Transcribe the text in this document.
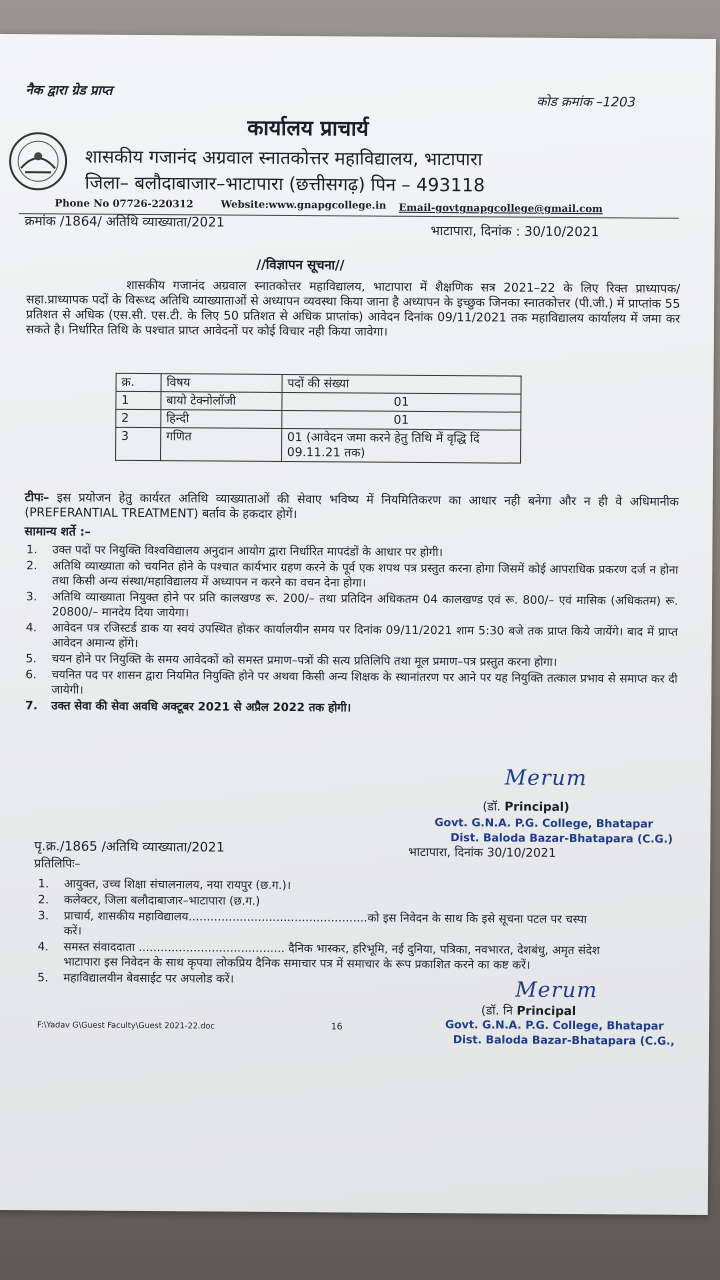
नैक द्वारा ग्रेड प्राप्त
कोड क्रमांक –1203
कार्यालय प्राचार्य
शासकीय गजानंद अग्रवाल स्नातकोत्तर महाविद्यालय, भाटापारा
जिला– बलौदाबाजार–भाटापारा (छत्तीसगढ़) पिन – 493118
Phone No 07726-220312	Website:www.gnapgcollege.in Email-govtgnapgcollege@gmail.com
क्रमांक /1864/ अतिथि व्याख्याता/2021
भाटापारा, दिनांक : 30/10/2021
//विज्ञापन सूचना//
शासकीय गजानंद अग्रवाल स्नातकोत्तर महाविद्यालय, भाटापारा में शैक्षणिक सत्र 2021–22 के लिए रिक्त प्राध्यापक/सहा.प्राध्यापक पदों के विरूध्द अतिथि व्याख्याताओं से अध्यापन व्यवस्था किया जाना है अध्यापन के इच्छुक जिनका स्नातकोत्तर (पी.जी.) में प्राप्तांक 55 प्रतिशत से अधिक (एस.सी. एस.टी. के लिए 50 प्रतिशत से अधिक प्राप्तांक) आवेदन दिनांक 09/11/2021 तक महाविद्यालय कार्यालय में जमा कर सकते है। निर्धारित तिथि के पश्चात प्राप्त आवेदनों पर कोई विचार नही किया जावेगा।
क्र.	विषय	पदों की संख्या
1	बायो टेक्नोलॉजी	01
2	हिन्दी	01
3	गणित	01 (आवेदन जमा करने हेतु तिथि में वृद्धि दिं 09.11.21 तक)
टीपः– इस प्रयोजन हेतु कार्यरत अतिथि व्याख्याताओं की सेवाए भविष्य में नियमितिकरण का आधार नही बनेगा और न ही वे अधिमानीक (PREFERANTIAL TREATMENT) बर्ताव के हकदार होगें।
सामान्य शर्ते :–
1. उक्त पदों पर नियुक्ति विश्वविद्यालय अनुदान आयोग द्वारा निर्धारित मापदंडों के आधार पर होगी।
2. अतिथि व्याख्याता को चयनित होने के पश्चात कार्यभार ग्रहण करने के पूर्व एक शपथ पत्र प्रस्तुत करना होगा जिसमें कोई आपराधिक प्रकरण दर्ज न होना तथा किसी अन्य संस्था/महाविद्यालय में अध्यापन न करने का वचन देना होगा।
3. अतिथि व्याख्याता नियुक्त होने पर प्रति कालखण्ड रू. 200/– तथा प्रतिदिन अधिकतम 04 कालखण्ड एवं रू. 800/– एवं मासिक (अधिकतम) रू. 20800/– मानदेय दिया जायेगा।
4. आवेदन पत्र रजिस्टर्ड डाक या स्वयं उपस्थित होकर कार्यालयीन समय पर दिनांक 09/11/2021 शाम 5:30 बजे तक प्राप्त किये जायेंगे। बाद में प्राप्त आवेदन अमान्य होंगे।
5. चयन होने पर नियुक्ति के समय आवेदकों को समस्त प्रमाण–पत्रों की सत्य प्रतिलिपि तथा मूल प्रमाण–पत्र प्रस्तुत करना होगा।
6. चयनित पद पर शासन द्वारा नियमित नियुक्ति होने पर अथवा किसी अन्य शिक्षक के स्थानांतरण पर आने पर यह नियुक्ति तत्काल प्रभाव से समाप्त कर दी जायेगी।
7. उक्त सेवा की सेवा अवधि अक्टूबर 2021 से अप्रैल 2022 तक होगी।
Merum
(डॉ. Principal)
Govt. G.N.A. P.G. College, Bhatapar
Dist. Baloda Bazar-Bhatapara (C.G.)
पृ.क्र./1865 /अतिथि व्याख्याता/2021	भाटापारा, दिनांक 30/10/2021
प्रतिलिपिः–
1. आयुक्त, उच्च शिक्षा संचालनालय, नया रायपुर (छ.ग.)।
2. कलेक्टर, जिला बलौदाबाजार–भाटापारा (छ.ग.)
3. प्राचार्य, शासकीय महाविद्यालय.................................................को इस निवेदन के साथ कि इसे सूचना पटल पर चस्पा करें।
4. समस्त संवाददाता ........................................ दैनिक भास्कर, हरिभूमि, नई दुनिया, पत्रिका, नवभारत, देशबंधु, अमृत संदेश भाटापारा इस निवेदन के साथ कृपया लोकप्रिय दैनिक समाचार पत्र में समाचार के रूप प्रकाशित करने का कष्ट करें।
5. महाविद्यालयीन बेवसाईट पर अपलोड करें।	Merum
(डॉ. नि Principal
Govt. G.N.A. P.G. College, Bhatapar
Dist. Baloda Bazar-Bhatapara (C.G.,
F:\Yadav G\Guest Faculty\Guest 2021-22.doc	16
